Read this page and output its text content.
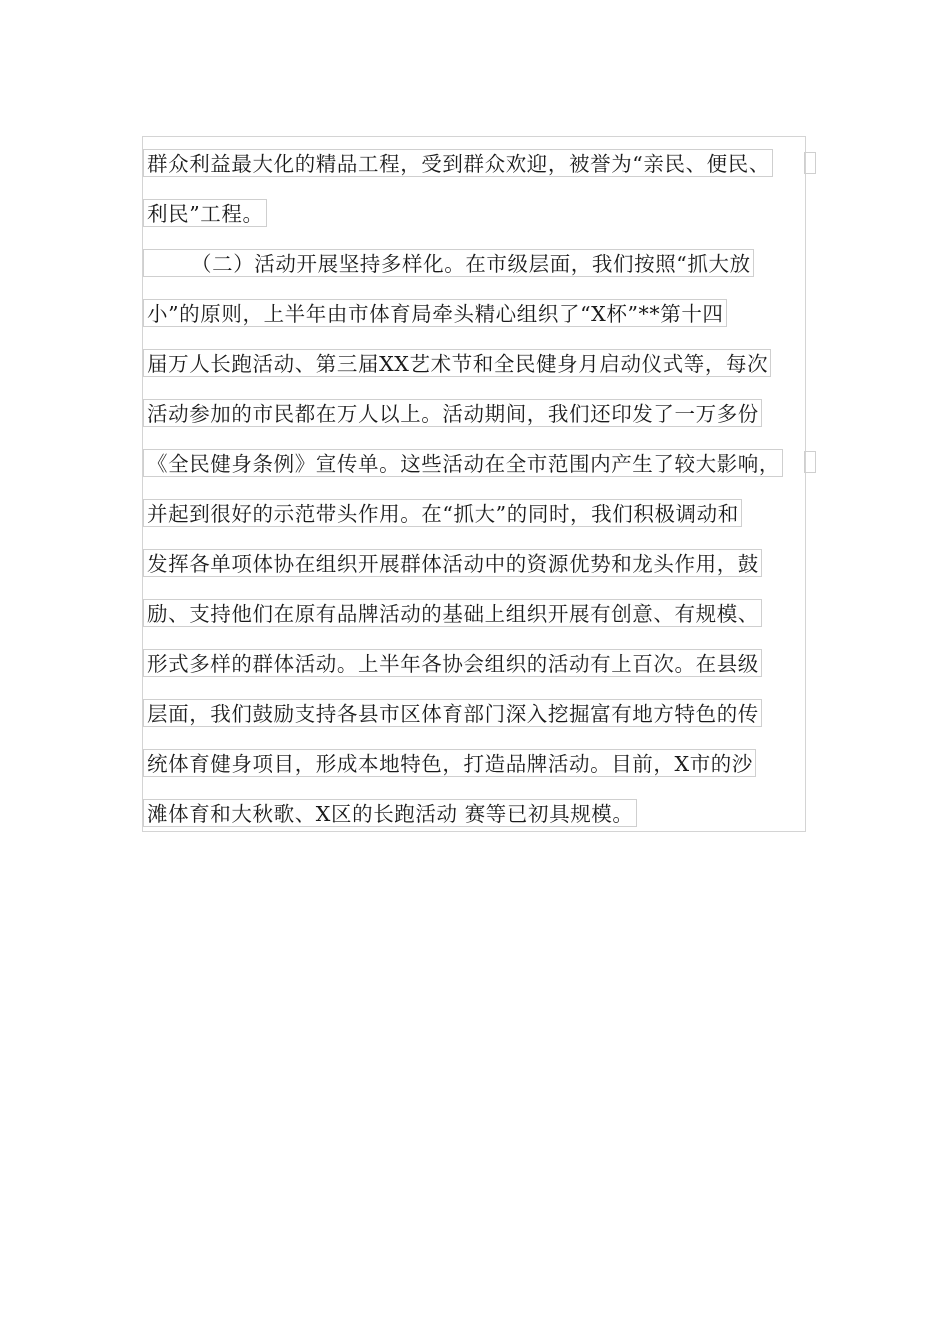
群众利益最大化的精品工程，受到群众欢迎，被誉为“亲民、便民、
利民”工程。
（二）活动开展坚持多样化。在市级层面，我们按照“抓大放
小”的原则，上半年由市体育局牵头精心组织了“X杯”**第十四
届万人长跑活动、第三届XX艺术节和全民健身月启动仪式等，每次
活动参加的市民都在万人以上。活动期间，我们还印发了一万多份
《全民健身条例》宣传单。这些活动在全市范围内产生了较大影响，
并起到很好的示范带头作用。在“抓大”的同时，我们积极调动和
发挥各单项体协在组织开展群体活动中的资源优势和龙头作用，鼓
励、支持他们在原有品牌活动的基础上组织开展有创意、有规模、
形式多样的群体活动。上半年各协会组织的活动有上百次。在县级
层面，我们鼓励支持各县市区体育部门深入挖掘富有地方特色的传
统体育健身项目，形成本地特色，打造品牌活动。目前，X市的沙
滩体育和大秋歌、X区的长跑活动 赛等已初具规模。
